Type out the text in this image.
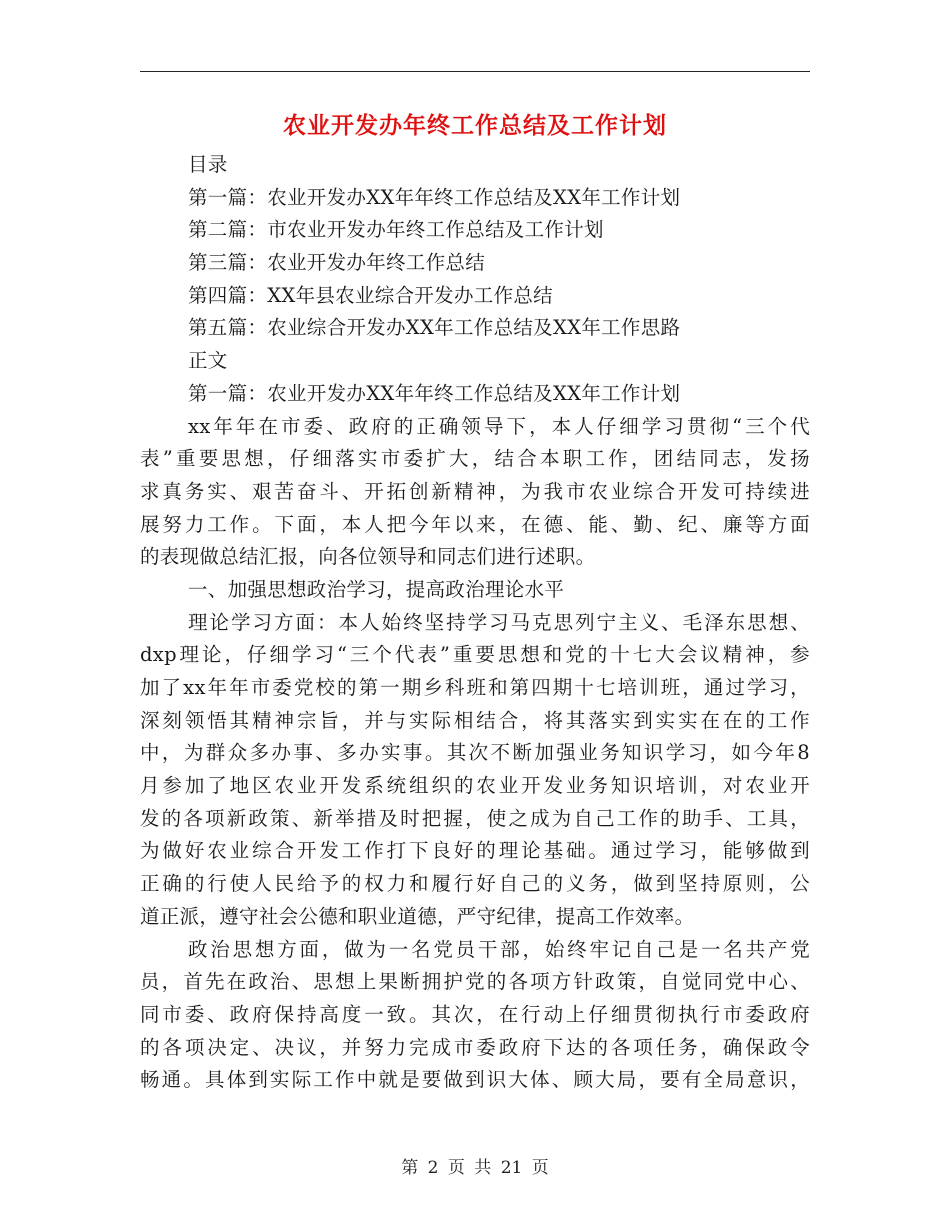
农业开发办年终工作总结及工作计划
目录
第一篇：农业开发办XX年年终工作总结及XX年工作计划
第二篇：市农业开发办年终工作总结及工作计划
第三篇：农业开发办年终工作总结
第四篇：XX年县农业综合开发办工作总结
第五篇：农业综合开发办XX年工作总结及XX年工作思路
正文
第一篇：农业开发办XX年年终工作总结及XX年工作计划
xx年年在市委、政府的正确领导下，本人仔细学习贯彻“三个代
表”重要思想，仔细落实市委扩大，结合本职工作，团结同志，发扬
求真务实、艰苦奋斗、开拓创新精神，为我市农业综合开发可持续进
展努力工作。下面，本人把今年以来，在德、能、勤、纪、廉等方面
的表现做总结汇报，向各位领导和同志们进行述职。
一、加强思想政治学习，提高政治理论水平
理论学习方面：本人始终坚持学习马克思列宁主义、毛泽东思想、
dxp理论，仔细学习“三个代表”重要思想和党的十七大会议精神，参
加了xx年年市委党校的第一期乡科班和第四期十七培训班，通过学习，
深刻领悟其精神宗旨，并与实际相结合，将其落实到实实在在的工作
中，为群众多办事、多办实事。其次不断加强业务知识学习，如今年8
月参加了地区农业开发系统组织的农业开发业务知识培训，对农业开
发的各项新政策、新举措及时把握，使之成为自己工作的助手、工具，
为做好农业综合开发工作打下良好的理论基础。通过学习，能够做到
正确的行使人民给予的权力和履行好自己的义务，做到坚持原则，公
道正派，遵守社会公德和职业道德，严守纪律，提高工作效率。
政治思想方面，做为一名党员干部，始终牢记自己是一名共产党
员，首先在政治、思想上果断拥护党的各项方针政策，自觉同党中心、
同市委、政府保持高度一致。其次，在行动上仔细贯彻执行市委政府
的各项决定、决议，并努力完成市委政府下达的各项任务，确保政令
畅通。具体到实际工作中就是要做到识大体、顾大局，要有全局意识，
第 2 页 共 21 页
